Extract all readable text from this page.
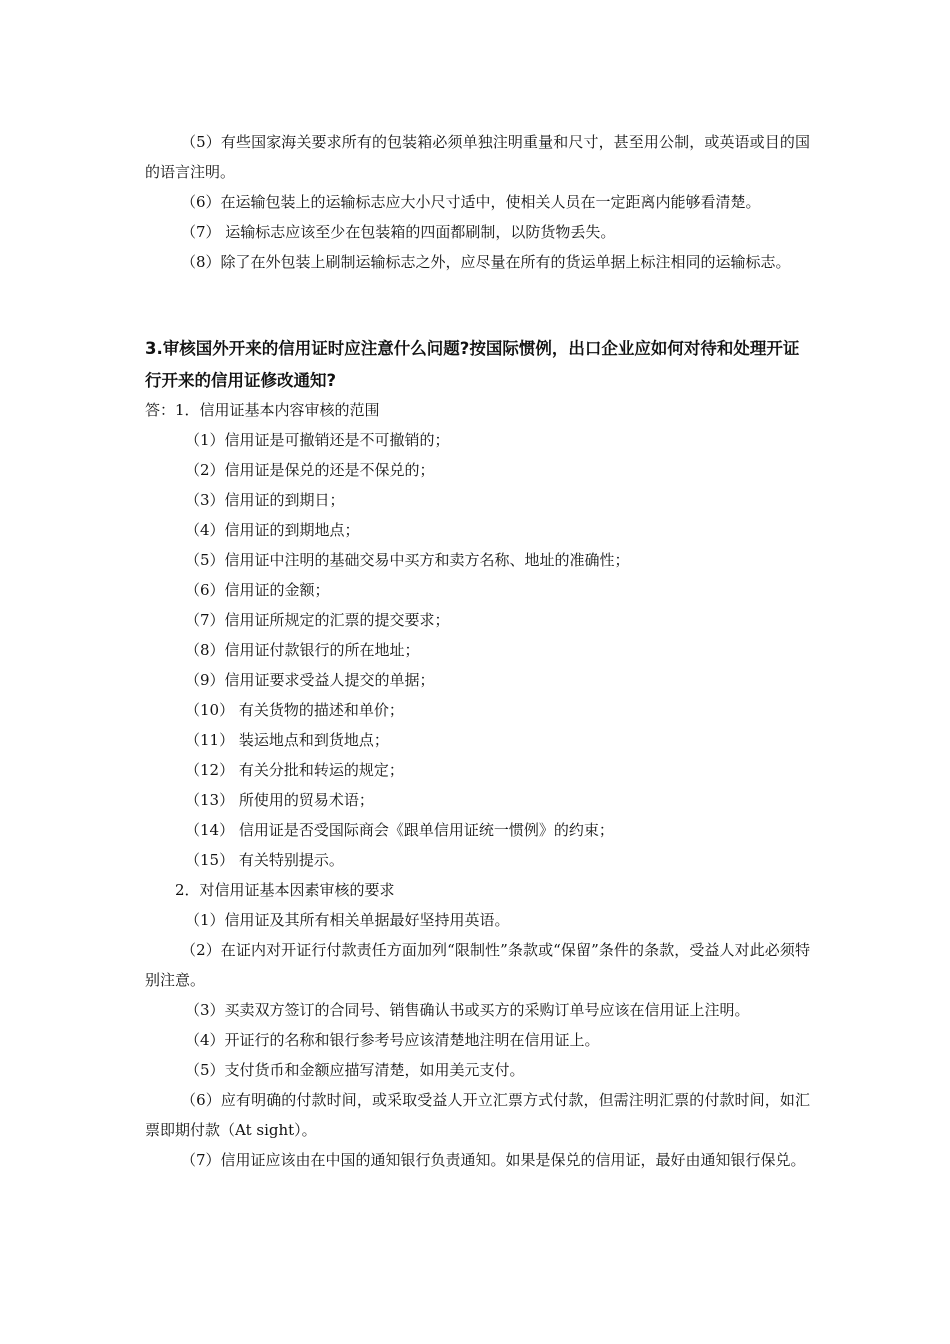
（5）有些国家海关要求所有的包装箱必须单独注明重量和尺寸，甚至用公制，或英语或目的国的语言注明。

（6）在运输包装上的运输标志应大小尺寸适中，使相关人员在一定距离内能够看清楚。

（7） 运输标志应该至少在包装箱的四面都刷制，以防货物丢失。

（8）除了在外包装上刷制运输标志之外，应尽量在所有的货运单据上标注相同的运输标志。

3.审核国外开来的信用证时应注意什么问题?按国际惯例，出口企业应如何对待和处理开证行开来的信用证修改通知?

答：1．信用证基本内容审核的范围

（1）信用证是可撤销还是不可撤销的；

（2）信用证是保兑的还是不保兑的；

（3）信用证的到期日；

（4）信用证的到期地点；

（5）信用证中注明的基础交易中买方和卖方名称、地址的准确性；

（6）信用证的金额；

（7）信用证所规定的汇票的提交要求；

（8）信用证付款银行的所在地址；

（9）信用证要求受益人提交的单据；

（10） 有关货物的描述和单价；

（11） 装运地点和到货地点；

（12） 有关分批和转运的规定；

（13） 所使用的贸易术语；

（14） 信用证是否受国际商会《跟单信用证统一惯例》的约束；

（15） 有关特别提示。

2．对信用证基本因素审核的要求

（1）信用证及其所有相关单据最好坚持用英语。

（2）在证内对开证行付款责任方面加列“限制性”条款或“保留”条件的条款，受益人对此必须特别注意。

（3）买卖双方签订的合同号、销售确认书或买方的采购订单号应该在信用证上注明。

（4）开证行的名称和银行参考号应该清楚地注明在信用证上。

（5）支付货币和金额应描写清楚，如用美元支付。

（6）应有明确的付款时间，或采取受益人开立汇票方式付款，但需注明汇票的付款时间，如汇票即期付款（At sight）。

（7）信用证应该由在中国的通知银行负责通知。如果是保兑的信用证，最好由通知银行保兑。
